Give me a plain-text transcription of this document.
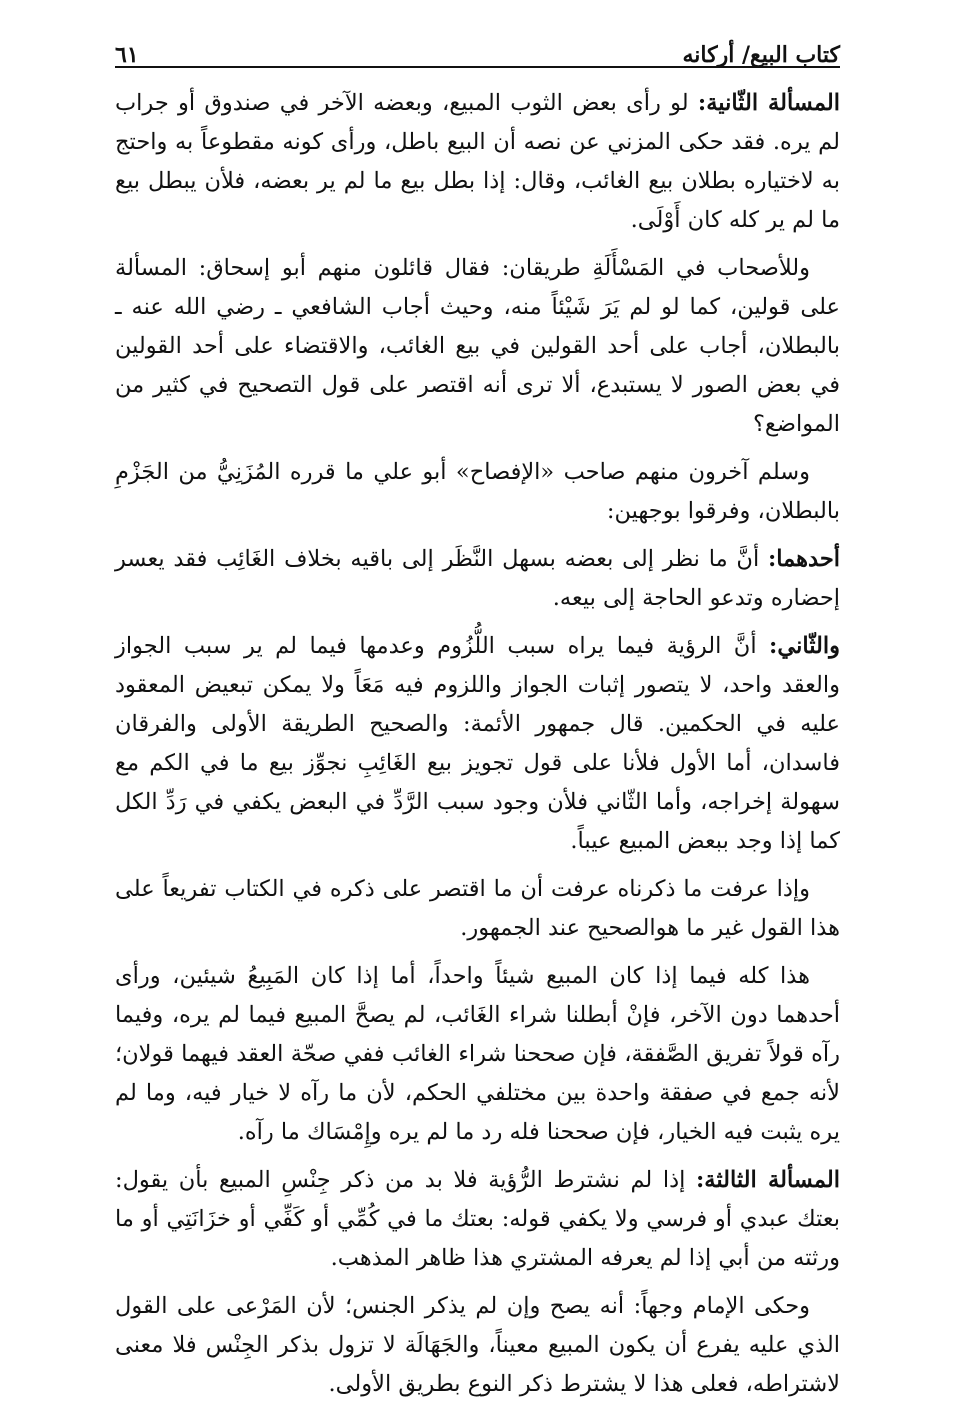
كتاب البيع/ أركانه
٦١

المسألة الثّانية: لو رأى بعض الثوب المبيع، وبعضه الآخر في صندوق أو جراب لم يره. فقد حكى المزني عن نصه أن البيع باطل، ورأى كونه مقطوعاً به واحتج به لاختياره بطلان بيع الغائب، وقال: إذا بطل بيع ما لم ير بعضه، فلأن يبطل بيع ما لم ير كله كان أَوْلَى.

وللأصحاب في المَسْأَلَةِ طريقان: فقال قائلون منهم أبو إسحاق: المسألة على قولين، كما لو لم يَرَ شَيْئاً منه، وحيث أجاب الشافعي ـ رضي الله عنه ـ بالبطلان، أجاب على أحد القولين في بيع الغائب، والاقتضاء على أحد القولين في بعض الصور لا يستبدع، ألا ترى أنه اقتصر على قول التصحيح في كثير من المواضع؟

وسلم آخرون منهم صاحب «الإفصاح» أبو علي ما قرره المُزَنِيُّ من الجَزْمِ بالبطلان، وفرقوا بوجهين:

أحدهما: أنَّ ما نظر إلى بعضه بسهل النَّظَر إلى باقيه بخلاف الغَائِب فقد يعسر إحضاره وتدعو الحاجة إلى بيعه.

والثّاني: أنَّ الرؤية فيما يراه سبب اللُّزُوم وعدمها فيما لم ير سبب الجواز والعقد واحد، لا يتصور إثبات الجواز واللزوم فيه مَعَاً ولا يمكن تبعيض المعقود عليه في الحكمين. قال جمهور الأئمة: والصحيح الطريقة الأولى والفرقان فاسدان، أما الأول فلأنا على قول تجويز بيع الغَائِبِ نجوِّز بيع ما في الكم مع سهولة إخراجه، وأما الثّاني فلأن وجود سبب الرَّدِّ في البعض يكفي في رَدِّ الكل كما إذا وجد ببعض المبيع عيباً.

وإذا عرفت ما ذكرناه عرفت أن ما اقتصر على ذكره في الكتاب تفريعاً على هذا القول غير ما هوالصحيح عند الجمهور.

هذا كله فيما إذا كان المبيع شيئاً واحداً، أما إذا كان المَبِيعُ شيئين، ورأى أحدهما دون الآخر، فإنْ أبطلنا شراء الغَائب، لم يصحَّ المبيع فيما لم يره، وفيما رآه قولاً تفريق الصَّفقة، فإن صححنا شراء الغائب ففي صحّة العقد فيهما قولان؛ لأنه جمع في صفقة واحدة بين مختلفي الحكم، لأن ما رآه لا خيار فيه، وما لم يره يثبت فيه الخيار، فإن صححنا فله رد ما لم يره وإِمْسَاك ما رآه.

المسألة الثالثة: إذا لم نشترط الرُّؤية فلا بد من ذكر جِنْسِ المبيع بأن يقول: بعتك عبدي أو فرسي ولا يكفي قوله: بعتك ما في كُمِّي أو كَفِّي أو خزَانَتِي أو ما ورثته من أبي إذا لم يعرفه المشتري هذا ظاهر المذهب.

وحكى الإمام وجهاً: أنه يصح وإن لم يذكر الجنس؛ لأن المَرْعى على القول الذي عليه يفرع أن يكون المبيع معيناً، والجَهَالَة لا تزول بذكر الجِنْس فلا معنى لاشتراطه، فعلى هذا لا يشترط ذكر النوع بطريق الأولى.
